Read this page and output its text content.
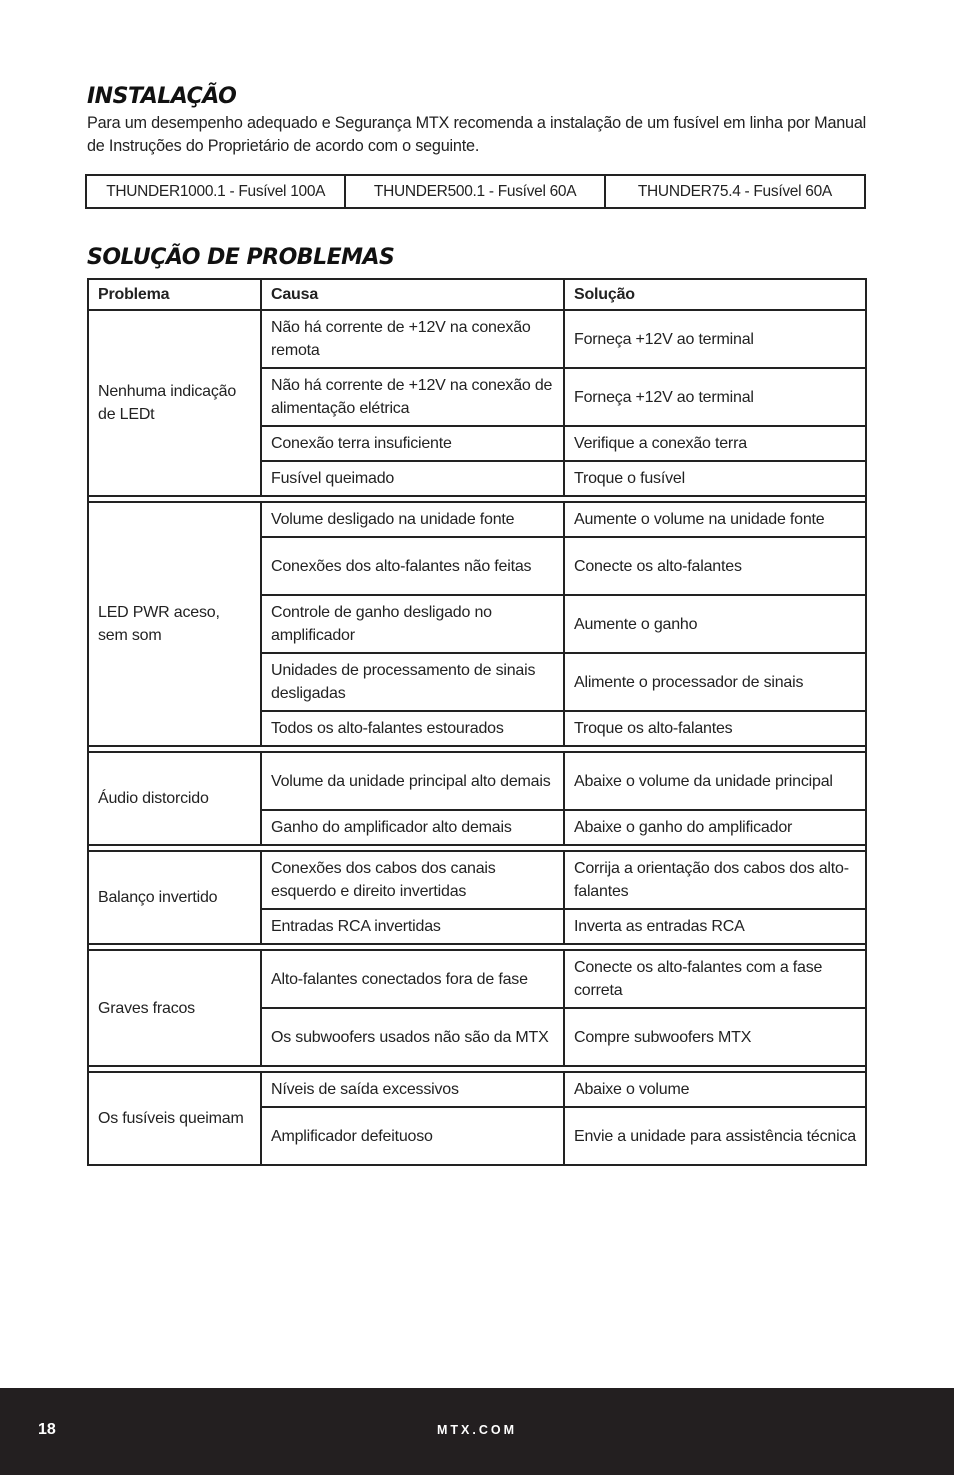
INSTALAÇÃO

Para um desempenho adequado e Segurança MTX recomenda a instalação de um fusível em linha por Manual de Instruções do Proprietário de acordo com o seguinte.

THUNDER1000.1 - Fusível 100A	THUNDER500.1 - Fusível 60A	THUNDER75.4 - Fusível 60A
SOLUÇÃO DE PROBLEMAS
Problema	Causa	Solução
Nenhuma indicação de LEDt	Não há corrente de +12V na conexão remota	Forneça +12V ao terminal
	Não há corrente de +12V na conexão de alimentação elétrica	Forneça +12V ao terminal
	Conexão terra insuficiente	Verifique a conexão terra
	Fusível queimado	Troque o fusível

LED PWR aceso, sem som	Volume desligado na unidade fonte	Aumente o volume na unidade fonte
	Conexões dos alto-falantes não feitas	Conecte os alto-falantes
	Controle de ganho desligado no amplificador	Aumente o ganho
	Unidades de processamento de sinais desligadas	Alimente o processador de sinais
	Todos os alto-falantes estourados	Troque os alto-falantes

Áudio distorcido	Volume da unidade principal alto demais	Abaixe o volume da unidade principal
	Ganho do amplificador alto demais	Abaixe o ganho do amplificador

Balanço invertido	Conexões dos cabos dos canais esquerdo e direito invertidas	Corrija a orientação dos cabos dos alto-falantes
	Entradas RCA invertidas	Inverta as entradas RCA

Graves fracos	Alto-falantes conectados fora de fase	Conecte os alto-falantes com a fase correta
	Os subwoofers usados não são da MTX	Compre subwoofers MTX

Os fusíveis queimam	Níveis de saída excessivos	Abaixe o volume
	Amplificador defeituoso	Envie a unidade para assistência técnica
18	MTX.COM
